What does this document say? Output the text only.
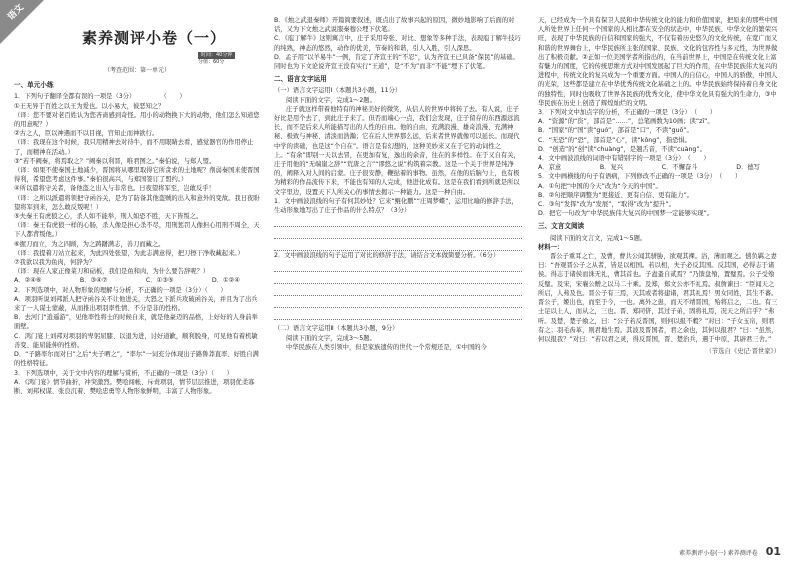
语文
素养测评小卷（一）
时间：40分钟
分值：60分
（考查范围：第一单元）
一、单元小练
1．下列句子翻译全都有误的一项是（3分）　　　　　（　　）
①王无异于百姓之以王为爱也。以小易大，彼恶知之？
（译：您不要对老百姓认为您吝啬感到奇怪。用小的动物换下大的动物，他们怎么知道您的用意呢？）
②古之人，臣以神遇而不以目视，官知止而神欲行。
（译：我现在这个时候，我只用精神去对待牛，而不用眼睛去看，感觉器官的作用停止了，而精神在活动。）
③“若不阙秦，将焉取之？”阙秦以利晋，唯君图之。”秦伯说，与郑人盟。
（译：如果不使秦国土地减少，晋国将从哪里取得它所贪求的土地呢？削弱秦国来使晋国得利，希望您考虑这件事。”秦伯很高兴，与郑国签订了盟约。）
④所以遣将守关者，备他盗之出入与非常也。日夜望将军至，岂敢反乎！
（译：之所以派遣将领把守函谷关，是为了防备其他盗贼的出入和意外的变故。我日夜盼望将军到来，怎么敢反叛呢！）
⑤夫秦王有虎狼之心，杀人如不能举，刑人如恐不胜，天下皆叛之。
（译：秦王有虎狼一样的心肠，杀人像是担心杀不尽，用刑惩罚人像担心用刑不周全，天下人都背叛他。）
⑥握刀而立，为之四顾，为之踌躇满志，善刀而藏之。
（译：我提着刀站立起来，为此四处张望，为此志满意得，把刀擦干净收藏起来。）
⑦我欲以我为鱼肉，何辞为？
（译：现在人家正像菜刀和砧板，我们是鱼和肉，为什么要告辞呢？）
A．②④⑥	B．③④⑦	C．①③⑤	D．①②④
2．下列选项中，对人物形象的理解与分析，不正确的一项是（3分）（　　）
A．项羽听说刘邦派人把守函谷关不让他进关，大怒之下派兵攻破函谷关，并且为了出兵来了一人谋士蒙蔽，从而推出项羽率性情、不分是非的性格。
B．去河门“逍遥游”，见他率性将士的时候自来，就是他豪迈的品格，上好好的人身前举面壁。
C．鸿门宴上刘邦对项羽的卑躬屈膝、以退为进，讨好道歉，顺利脱身，可见他有着机敏善变、能屈能伸的性格。
D．“子路率尔而对曰”之后“夫子哂之”，“率尔”一词充分体现出子路鲁莽直率、好胜自满的性格特征。
3．下列选项中，关于文中内容的理解与赏析，不正确的一项是（3分）（　　）
A．《鸿门宴》情节曲折，冲突激烈。樊哙闯帐、斥责项羽，情节层层推进，项羽优柔寡断、刘邦权谋、张良沉着、樊哙忠勇等人物形象鲜明，丰富了人物形象。
B．《烛之武退秦师》开篇简要叙述，既点出了故事兴起的原因，微妙地影响了后面的对话，又为下文烛之武说服秦穆公埋下伏笔。
C．《庖丁解牛》这则寓言中，庄子采用夸张、对比、想象等多种手法，表现庖丁解牛技巧的纯熟，神态的悠然，动作的优美，节奏的和谐，引人入胜，引人深思。
D．孟子用“以羊易牛”一例，肯定了齐宣王的“不忍”，认为齐宣王已具备“保民”的基础。同时也为下文论说齐宣王没有实行“王道”，是“不为”而非“不能”埋下了伏笔。
二、语言文字运用
（一）语言文字运用Ⅰ（本题共3小题，11分）
阅读下面的文字，完成1～2题。
庄子就这样带着他特有的神秘美好的微笑，从信人的世界中将转了去。有人说，庄子好比是用个去了，到此庄子来了。但否而端心一点，我们会发现，庄子留存的东西源远流长，而不是后来人所能描写出的人性的自由。他的自由，充满浪漫、雄奇浪漫、充满神秘、极致与神秘、清淡而浩瀚；它在后人世界那么远，后来者世界就像可以延长。而现代中学的读础，也是这“个自在”。语言是有幻想的，这种美妙来又在于它的动词性之上。“有余”即别一天以去冒，在更加有复，逸出的余音，往在的多样性。在于又自有关，庄子用他的“无端崖之辞”“荒唐之言”“谬悠之说”构筑着宗教。这是一个关于世界是纯净的，阐释入对人间的启蒙。庄子很安静，鞭挞着的事物。虽然，在他的后脑勺上，也有极为精彩的作品流传下来，不能也有知的人完成，他进化成有。这是在我们看到所就是所以文字里边，设置天下人所关心的事情去揭示一种能力。这是一种自由。
1．文中画波浪线的句子有何其妙处？它来“鲲化鹏”“庄周梦蝶”，运用比喻的修辞手法，生动形象地写出了庄子作品的什么特点？（3分）
2．文中画波浪线的句子运用了对比的修辞手法，请结合文本做简要分析。（6分）
（二）语言文字运用Ⅱ（本题共3小题，9分）
阅读下面的文字，完成3～5题。
中华民族在人类引领中，但是家族遗传的世代一个常规还是，①中国的今
天，已经成为一个具有保卫人民和中华传统文化的能力和价值国家，把原来的那些中国人所处世界上任何一个国家的人相比都在安全的状态中，中华民族、中华文化的繁荣兴旺，表现了中华民族的自信和国家的强大，不仅有着历史悠久的文化传统，在宽广而又和谐的世界舞台上，中华民族所主张的国家、民族、文化的包容性与多元性，为世界做出了积极贡献。②正如一位美国学者所指出的，在当前世界上，中国是在传统文化上富有魅力的国度，它的传统思维方式对中国发展起了巨大的作用，在中华民族伟大复兴的进程中，传统文化的复兴成为一个重要方面。中国人的自信心，中国人的骄傲，中国人的光荣，这些都是建立在中华优秀传统文化基础之上的。中华民族始终保持着自身文化的独特性，同时也吸收了世界各民族的优秀文化，使中华文化具有强大的生命力，③中华民族在历史上创造了辉煌灿烂的文明。
3．下列对文中加点字的分析，不正确的一项是（3分）　（　　）
A．“资源”的“资”，部首是“……”，总笔画数为10画；读“zī”。
B．“国家”的“国”读“guó”，部首是“口”，不读“guǒ”。
C．“无恐”的“恐”，部首是“心”，读“kǒng”，指恐惧。
D．“创造”的“创”读“chuàng”，是翘舌音，不读“cuàng”。
4．文中画波浪线的词语中有错别字的一项是（3分）　（　　）
A．京意	B．复兴	C．不懈奋斗	D．德写
5．文中画横线的句子有语病，下列修改不正确的一项是（3分）　（　　）
A．①句把“中国的今天”改为“今天的中国”。
B．②句把顺序调整为“更接近、更有自信、更有能力”。
C．③句“发挥”改为“发展”，“取得”改为“提升”。
D．把它一句改为“中华民族伟大复兴的中国梦一定能够实现”。
三、文言文阅读
阅读下面的文言文，完成1～5题。
材料一：
晋公子重耳之亡，及曹，曹共公闻其骈胁，欲观其裸。浴，薄而观之。僖负羁之妻曰：“吾观晋公子之从者，皆足以相国。若以相，夫子必反其国。反其国，必得志于诸侯。得志于诸侯而诛无礼，曹其首也。子盍蚤自贰焉？”乃馈盘飧，置璧焉。公子受飧反璧。及宋，宋襄公赠之以马二十乘。及郑，郑文公亦不礼焉。叔詹谏曰：“臣闻天之所启，人弗及也。晋公子有三焉，天其或者将建诸，君其礼焉！男女同姓，其生不蕃。晋公子，姬出也，而至于今，一也。离外之患，而天不靖晋国，殆将启之，二也。有三士足以上人，而从之，三也。晋、郑同侪，其过子弟，固将礼焉，况天之所启乎？”弗听。及楚，楚子飨之，曰：“公子若反晋国，则何以报不穀？”对曰：“子女玉帛，则君有之；羽毛齿革，则君地生焉。其波及晋国者，君之余也，其何以报君？”曰：“虽然，何以报我？”对曰：“若以君之灵，得反晋国，晋、楚治兵，遇于中原，其辟君三舍。”
（节选自《史记·晋世家》）
素养测评小卷(一) 素养测评卷 01
